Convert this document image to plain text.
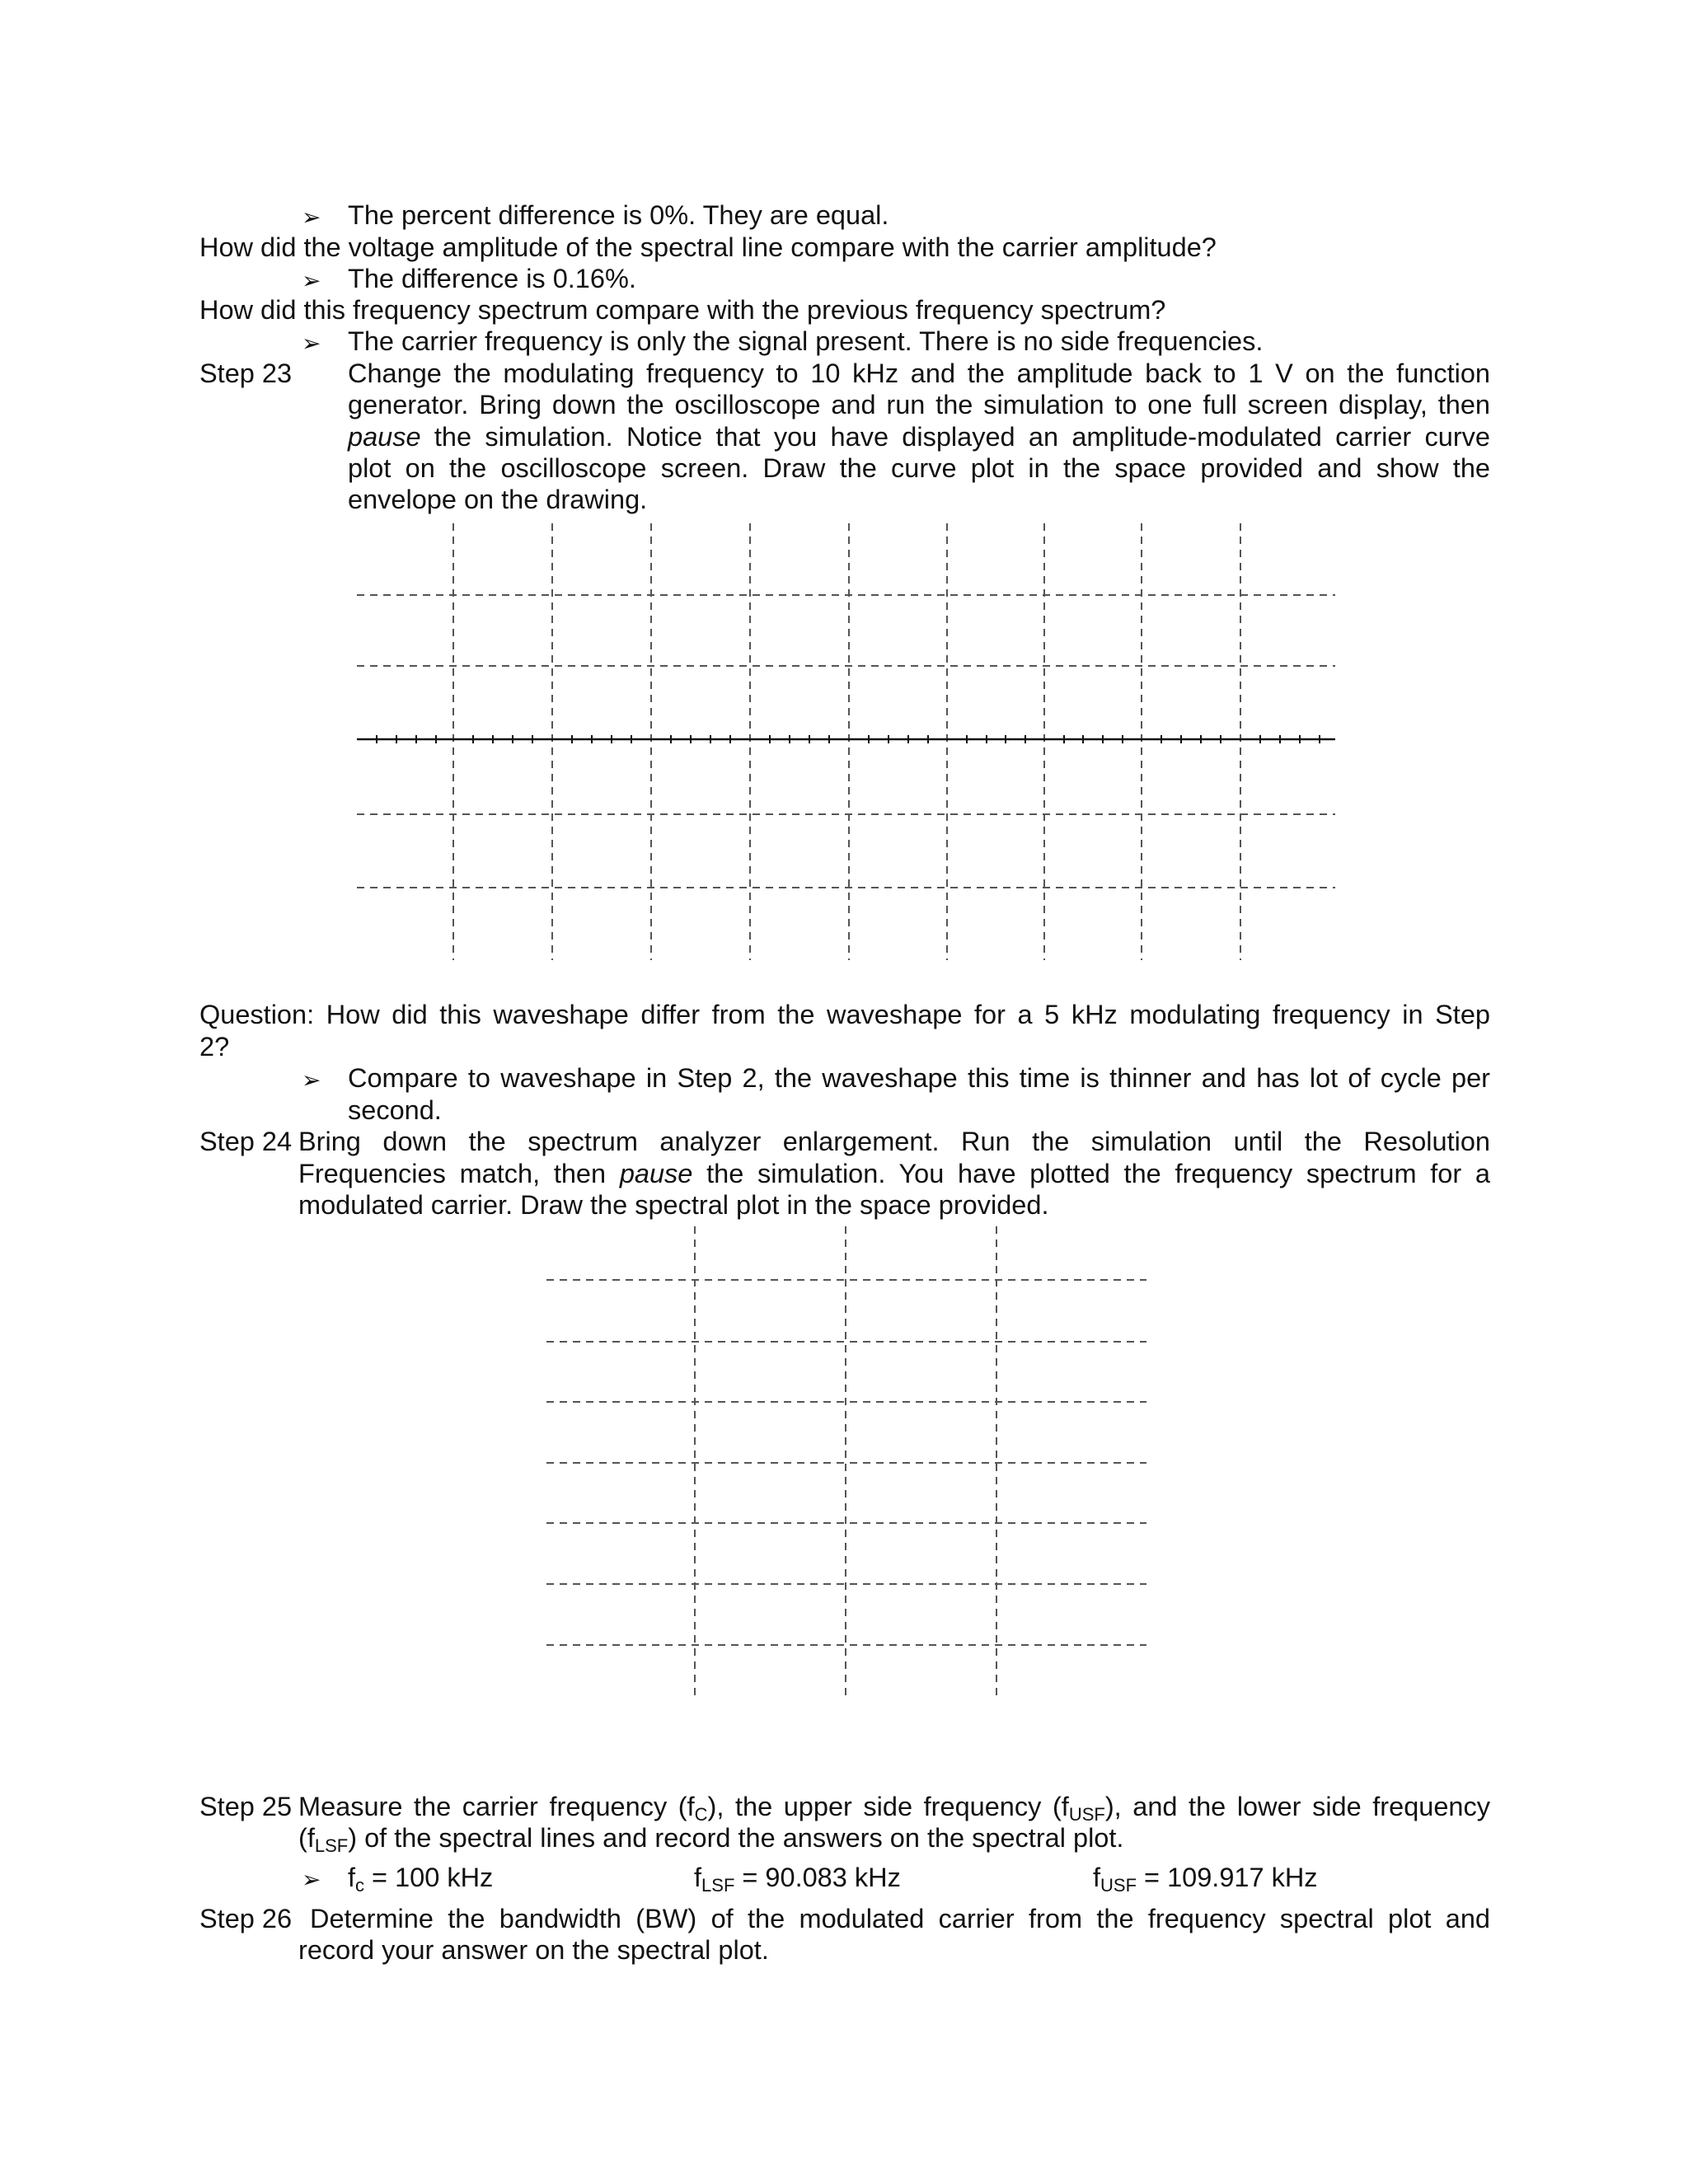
➢ The percent difference is 0%. They are equal.
How did the voltage amplitude of the spectral line compare with the carrier amplitude?
➢ The difference is 0.16%.
How did this frequency spectrum compare with the previous frequency spectrum?
➢ The carrier frequency is only the signal present. There is no side frequencies.
Step 23 Change the modulating frequency to 10 kHz and the amplitude back to 1 V on the function
generator. Bring down the oscilloscope and run the simulation to one full screen display, then
pause the simulation. Notice that you have displayed an amplitude-modulated carrier curve
plot on the oscilloscope screen. Draw the curve plot in the space provided and show the
envelope on the drawing.
Question: How did this waveshape differ from the waveshape for a 5 kHz modulating frequency in Step
2?
➢ Compare to waveshape in Step 2, the waveshape this time is thinner and has lot of cycle per
second.
Step 24 Bring down the spectrum analyzer enlargement. Run the simulation until the Resolution
Frequencies match, then pause the simulation. You have plotted the frequency spectrum for a
modulated carrier. Draw the spectral plot in the space provided.
Step 25 Measure the carrier frequency $(f_C)$, the upper side frequency $(f_{USF})$, and the lower side frequency
$(f_{LSF})$ of the spectral lines and record the answers on the spectral plot.
➢ $f_c = 100$ kHz	$f_{LSF} = 90.083$ kHz	$f_{USF} = 109.917$ kHz
Step 26 Determine the bandwidth (BW) of the modulated carrier from the frequency spectral plot and
record your answer on the spectral plot.
